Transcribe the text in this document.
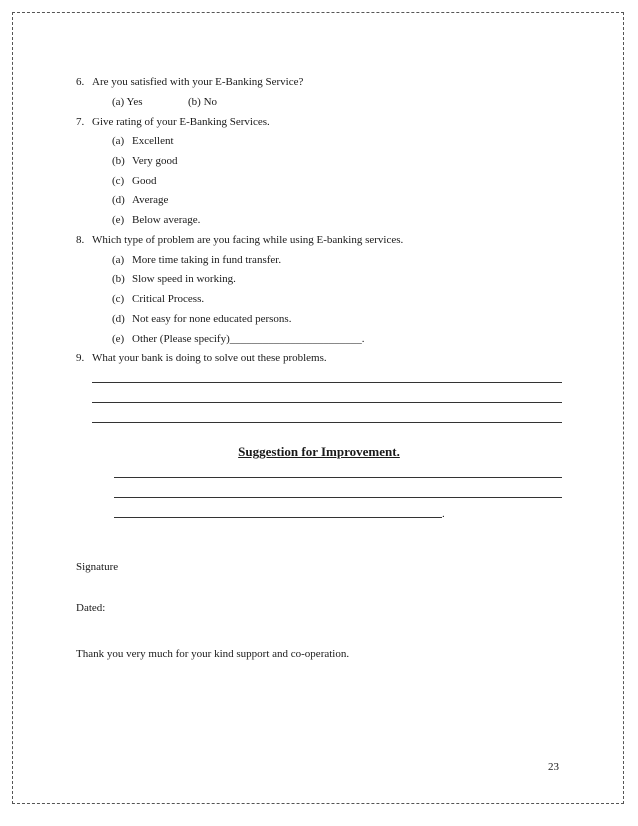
6. Are you satisfied with your E-Banking Service?
(a) Yes	(b) No
7. Give rating of your E-Banking Services.
(a) Excellent
(b) Very good
(c) Good
(d) Average
(e) Below average.
8. Which type of problem are you facing while using E-banking services.
(a) More time taking in fund transfer.
(b) Slow speed in working.
(c) Critical Process.
(d) Not easy for none educated persons.
(e) Other (Please specify)________________________.
9. What your bank is doing to solve out these problems.
Suggestion for Improvement.
.
Signature
Dated:
Thank you very much for your kind support and co-operation.
23
